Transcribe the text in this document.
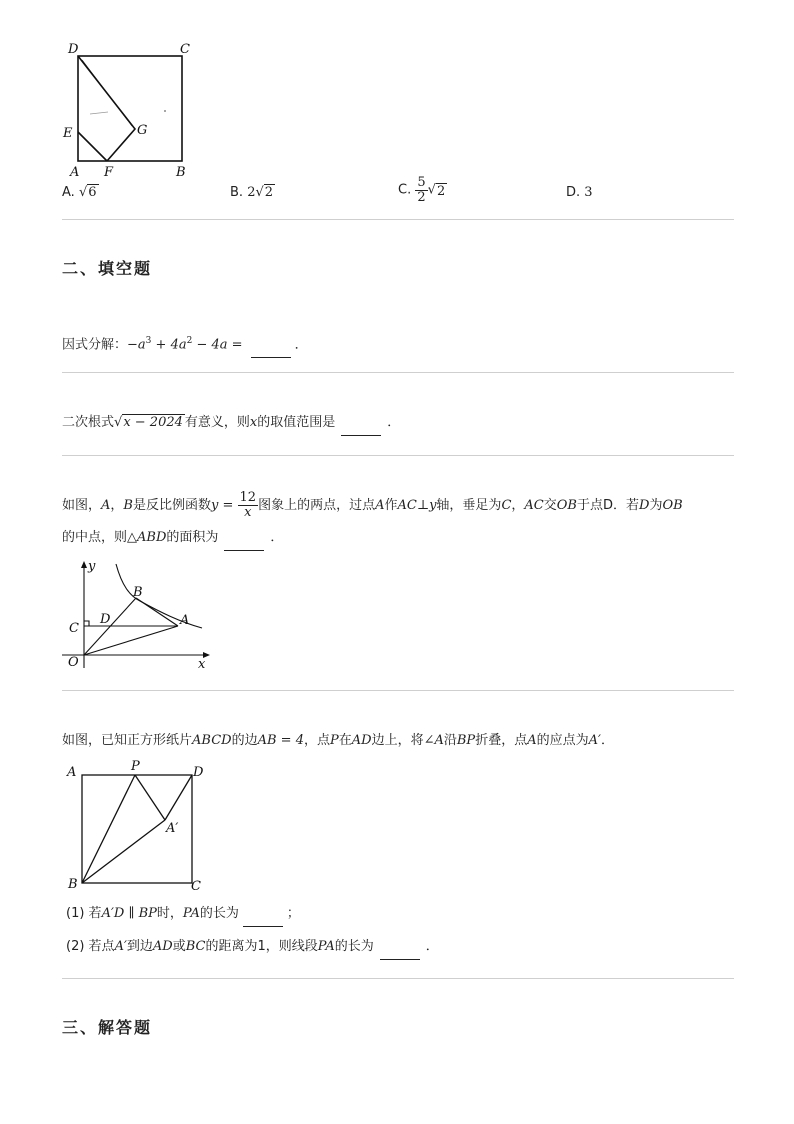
D	C
E	G
A F	B
A. √6	B. 2√2	C. $\frac{5}{2} √2$	D. 3
二、填空题
因式分解：$-a^3 + 4a^2 - 4a$ =	．
二次根式√x − 2024 有意义，则x的取值范围是	．
如图，A，B是反比例函数$y = \frac{12}{x}$ 图象上的两点，过点A作AC⊥y轴，垂足为C，AC交OB于点D．若D为OB
的中点，则△ABD的面积为	．
y
B
C
D	A
O	x
如图，已知正方形纸片ABCD的边AB = 4，点P在AD边上，将∠A沿BP折叠，点A的应点为A′．
A	P	D
A′
B	C
(1) 若A′D ∥ BP时，PA的长为	；
(2) 若点A′到边AD或BC的距离为1，则线段PA的长为	．
三、解答题
